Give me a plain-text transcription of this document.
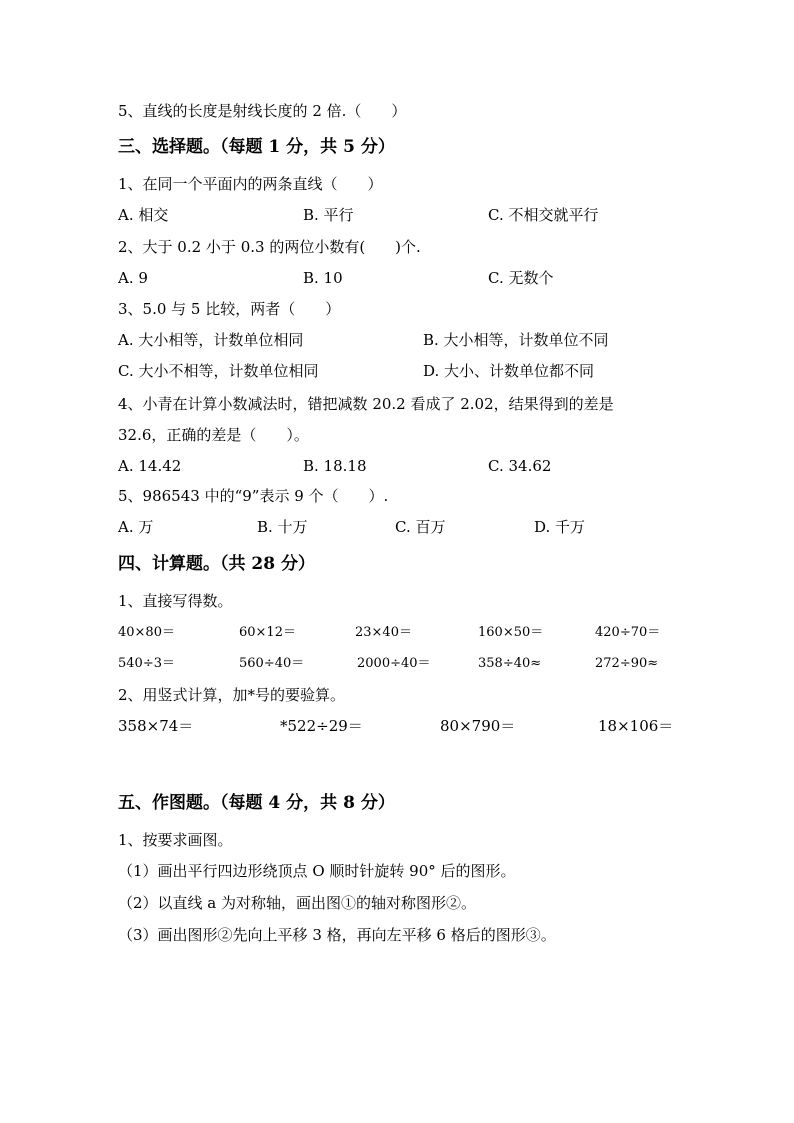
5、直线的长度是射线长度的 2 倍.（　　）
三、选择题。（每题 1 分，共 5 分）
1、在同一个平面内的两条直线（　　）
A. 相交	B. 平行	C. 不相交就平行
2、大于 0.2 小于 0.3 的两位小数有(　　)个.
A. 9	B. 10	C. 无数个
3、5.0 与 5 比较，两者（　　）
A. 大小相等，计数单位相同	B. 大小相等，计数单位不同
C. 大小不相等，计数单位相同	D. 大小、计数单位都不同
4、小青在计算小数减法时，错把减数 20.2 看成了 2.02，结果得到的差是
32.6，正确的差是（　　）。
A. 14.42	B. 18.18	C. 34.62
5、986543 中的“9”表示 9 个（　　）.
A. 万	B. 十万	C. 百万	D. 千万
四、计算题。（共 28 分）
1、直接写得数。
40×80＝	60×12＝	23×40＝	160×50＝	420÷70＝
540÷3＝	560÷40＝	2000÷40＝	358÷40≈	272÷90≈
2、用竖式计算，加*号的要验算。
358×74＝	*522÷29＝	80×790＝	18×106＝
五、作图题。（每题 4 分，共 8 分）
1、按要求画图。
（1）画出平行四边形绕顶点 O 顺时针旋转 90° 后的图形。
（2）以直线 a 为对称轴，画出图①的轴对称图形②。
（3）画出图形②先向上平移 3 格，再向左平移 6 格后的图形③。
